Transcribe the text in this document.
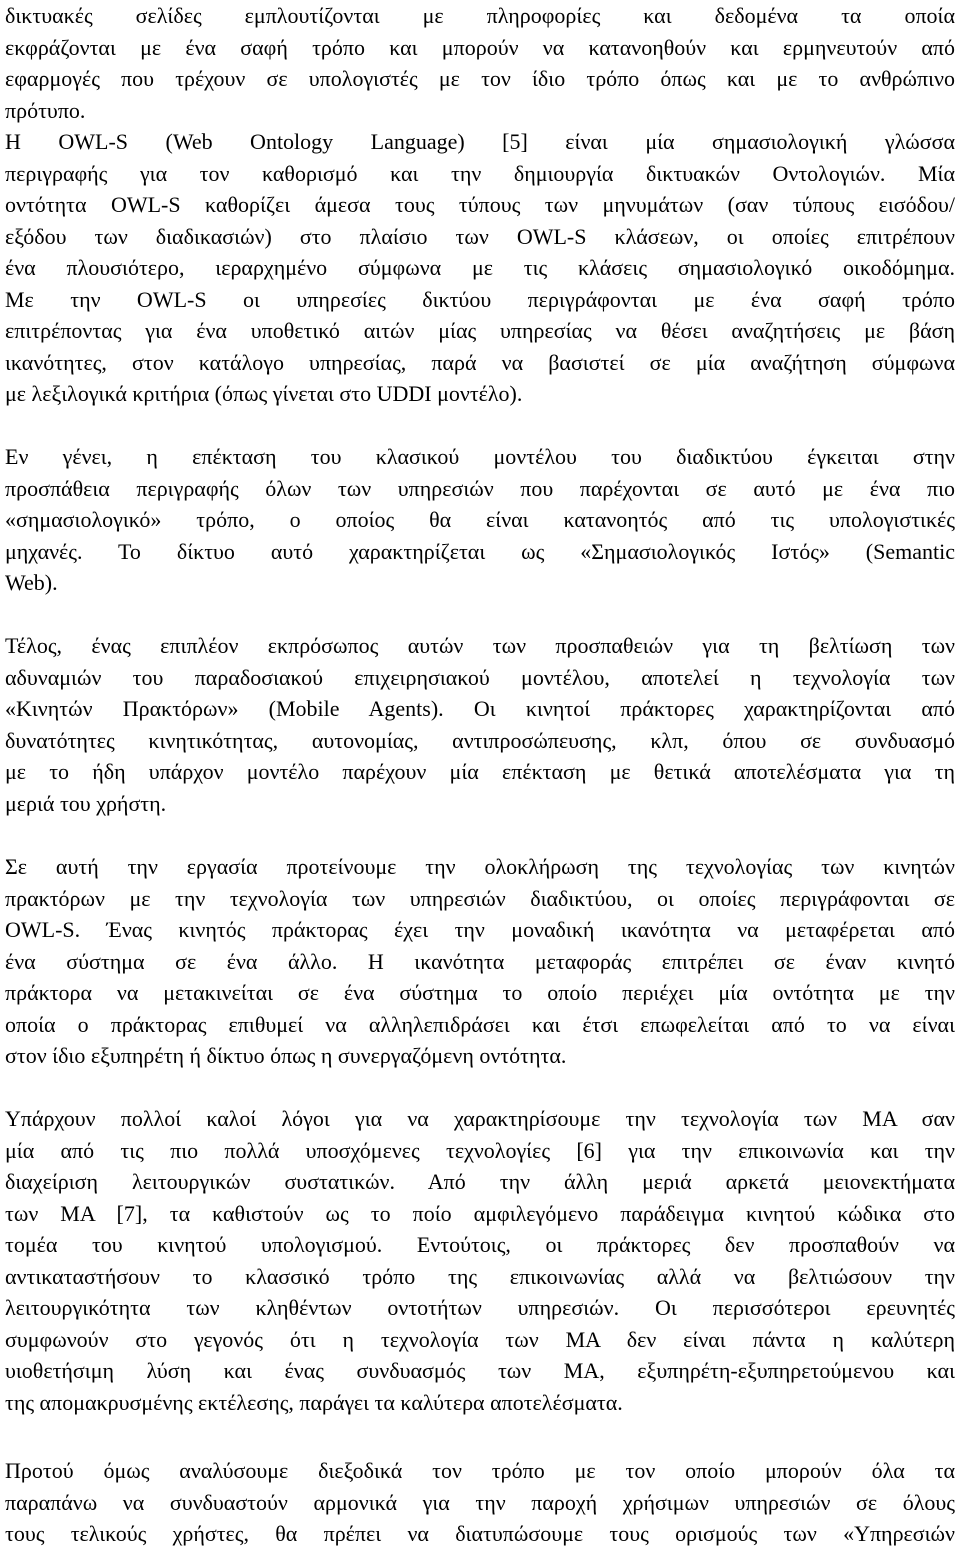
δικτυακές σελίδες εμπλουτίζονται με πληροφορίες και δεδομένα τα οποία
εκφράζονται με ένα σαφή τρόπο και μπορούν να κατανοηθούν και ερμηνευτούν από
εφαρμογές που τρέχουν σε υπολογιστές με τον ίδιο τρόπο όπως και με το ανθρώπινο
πρότυπο.
Η OWL-S (Web Ontology Language) [5] είναι μία σημασιολογική γλώσσα
περιγραφής για τον καθορισμό και την δημιουργία δικτυακών Οντολογιών. Μία
οντότητα OWL-S καθορίζει άμεσα τους τύπους των μηνυμάτων (σαν τύπους εισόδου/
εξόδου των διαδικασιών) στο πλαίσιο των OWL-S κλάσεων, οι οποίες επιτρέπουν
ένα πλουσιότερο, ιεραρχημένο σύμφωνα με τις κλάσεις σημασιολογικό οικοδόμημα.
Με την OWL-S οι υπηρεσίες δικτύου περιγράφονται με ένα σαφή τρόπο
επιτρέποντας για ένα υποθετικό αιτών μίας υπηρεσίας να θέσει αναζητήσεις με βάση
ικανότητες, στον κατάλογο υπηρεσίας, παρά να βασιστεί σε μία αναζήτηση σύμφωνα
με λεξιλογικά κριτήρια (όπως γίνεται στο UDDI μοντέλο).
Εν γένει, η επέκταση του κλασικού μοντέλου του διαδικτύου έγκειται στην
προσπάθεια περιγραφής όλων των υπηρεσιών που παρέχονται σε αυτό με ένα πιο
«σημασιολογικό» τρόπο, ο οποίος θα είναι κατανοητός από τις υπολογιστικές
μηχανές. Το δίκτυο αυτό χαρακτηρίζεται ως «Σημασιολογικός Ιστός» (Semantic
Web).
Τέλος, ένας επιπλέον εκπρόσωπος αυτών των προσπαθειών για τη βελτίωση των
αδυναμιών του παραδοσιακού επιχειρησιακού μοντέλου, αποτελεί η τεχνολογία των
«Κινητών Πρακτόρων» (Mobile Agents). Οι κινητοί πράκτορες χαρακτηρίζονται από
δυνατότητες κινητικότητας, αυτονομίας, αντιπροσώπευσης, κλπ, όπου σε συνδυασμό
με το ήδη υπάρχον μοντέλο παρέχουν μία επέκταση με θετικά αποτελέσματα για τη
μεριά του χρήστη.
Σε αυτή την εργασία προτείνουμε την ολοκλήρωση της τεχνολογίας των κινητών
πρακτόρων με την τεχνολογία των υπηρεσιών διαδικτύου, οι οποίες περιγράφονται σε
OWL-S. Ένας κινητός πράκτορας έχει την μοναδική ικανότητα να μεταφέρεται από
ένα σύστημα σε ένα άλλο. Η ικανότητα μεταφοράς επιτρέπει σε έναν κινητό
πράκτορα να μετακινείται σε ένα σύστημα το οποίο περιέχει μία οντότητα με την
οποία ο πράκτορας επιθυμεί να αλληλεπιδράσει και έτσι επωφελείται από το να είναι
στον ίδιο εξυπηρέτη ή δίκτυο όπως η συνεργαζόμενη οντότητα.
Υπάρχουν πολλοί καλοί λόγοι για να χαρακτηρίσουμε την τεχνολογία των ΜΑ σαν
μία από τις πιο πολλά υποσχόμενες τεχνολογίες [6] για την επικοινωνία και την
διαχείριση λειτουργικών συστατικών. Από την άλλη μεριά αρκετά μειονεκτήματα
των ΜΑ [7], τα καθιστούν ως το ποίο αμφιλεγόμενο παράδειγμα κινητού κώδικα στο
τομέα του κινητού υπολογισμού. Εντούτοις, οι πράκτορες δεν προσπαθούν να
αντικαταστήσουν το κλασσικό τρόπο της επικοινωνίας αλλά να βελτιώσουν την
λειτουργικότητα των κληθέντων οντοτήτων υπηρεσιών. Οι περισσότεροι ερευνητές
συμφωνούν στο γεγονός ότι η τεχνολογία των ΜΑ δεν είναι πάντα η καλύτερη
υιοθετήσιμη λύση και ένας συνδυασμός των ΜΑ, εξυπηρέτη-εξυπηρετούμενου και
της απομακρυσμένης εκτέλεσης, παράγει τα καλύτερα αποτελέσματα.
Προτού όμως αναλύσουμε διεξοδικά τον τρόπο με τον οποίο μπορούν όλα τα
παραπάνω να συνδυαστούν αρμονικά για την παροχή χρήσιμων υπηρεσιών σε όλους
τους τελικούς χρήστες, θα πρέπει να διατυπώσουμε τους ορισμούς των «Υπηρεσιών
